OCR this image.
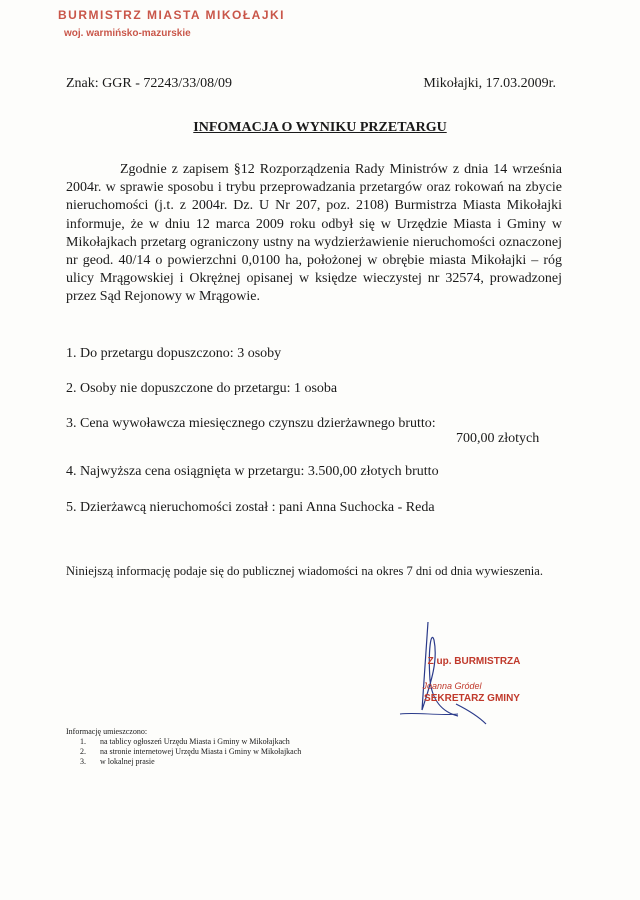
BURMISTRZ MIASTA MIKOŁAJKI
woj. warmińsko-mazurskie
Znak: GGR - 72243/33/08/09	Mikołajki, 17.03.2009r.
INFOMACJA O WYNIKU PRZETARGU

Zgodnie z zapisem §12 Rozporządzenia Rady Ministrów z dnia 14 września 2004r. w sprawie sposobu i trybu przeprowadzania przetargów oraz rokowań na zbycie nieruchomości (j.t. z 2004r. Dz. U Nr 207, poz. 2108) Burmistrza Miasta Mikołajki informuje, że w dniu 12 marca 2009 roku odbył się w Urzędzie Miasta i Gminy w Mikołajkach przetarg ograniczony ustny na wydzierżawienie nieruchomości oznaczonej nr geod. 40/14 o powierzchni 0,0100 ha, położonej w obrębie miasta Mikołajki – róg ulicy Mrągowskiej i Okrężnej opisanej w księdze wieczystej nr 32574, prowadzonej przez Sąd Rejonowy w Mrągowie.

1. Do przetargu dopuszczono: 3 osoby
2. Osoby nie dopuszczone do przetargu: 1 osoba
3. Cena wywoławcza miesięcznego czynszu dzierżawnego brutto:
700,00 złotych
4. Najwyższa cena osiągnięta w przetargu: 3.500,00 złotych brutto
5. Dzierżawcą nieruchomości został : pani Anna Suchocka - Reda

Niniejszą informację podaje się do publicznej wiadomości na okres 7 dni od dnia wywieszenia.

Z up. BURMISTRZA
Joanna Gródel
SEKRETARZ GMINY
Informację umieszczono:
1. na tablicy ogłoszeń Urzędu Miasta i Gminy w Mikołajkach
2. na stronie internetowej Urzędu Miasta i Gminy w Mikołajkach
3. w lokalnej prasie
